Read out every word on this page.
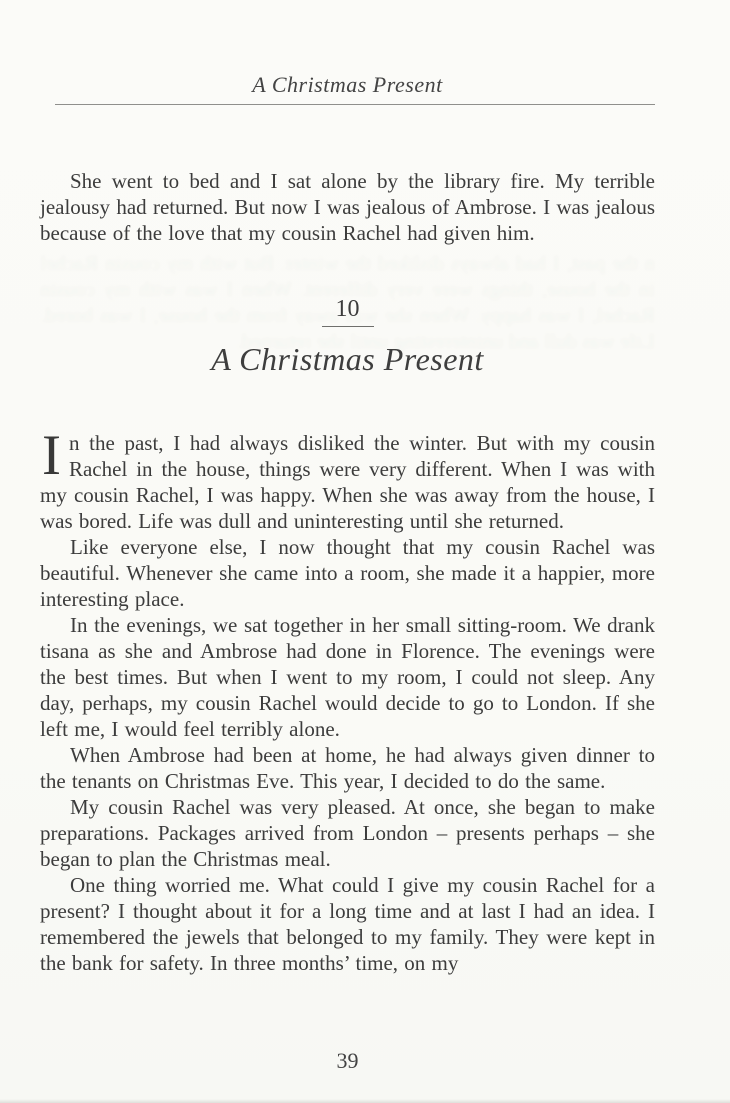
A Christmas Present

She went to bed and I sat alone by the library fire. My terrible jealousy had returned. But now I was jealous of Ambrose. I was jealous because of the love that my cousin Rachel had given him.

10
A Christmas Present

In the past, I had always disliked the winter. But with my cousin Rachel in the house, things were very different. When I was with my cousin Rachel, I was happy. When she was away from the house, I was bored. Life was dull and uninteresting until she returned.

Like everyone else, I now thought that my cousin Rachel was beautiful. Whenever she came into a room, she made it a happier, more interesting place.

In the evenings, we sat together in her small sitting-room. We drank tisana as she and Ambrose had done in Florence. The evenings were the best times. But when I went to my room, I could not sleep. Any day, perhaps, my cousin Rachel would decide to go to London. If she left me, I would feel terribly alone.

When Ambrose had been at home, he had always given dinner to the tenants on Christmas Eve. This year, I decided to do the same.

My cousin Rachel was very pleased. At once, she began to make preparations. Packages arrived from London – presents perhaps – she began to plan the Christmas meal.

One thing worried me. What could I give my cousin Rachel for a present? I thought about it for a long time and at last I had an idea. I remembered the jewels that belonged to my family. They were kept in the bank for safety. In three months’ time, on my

39
